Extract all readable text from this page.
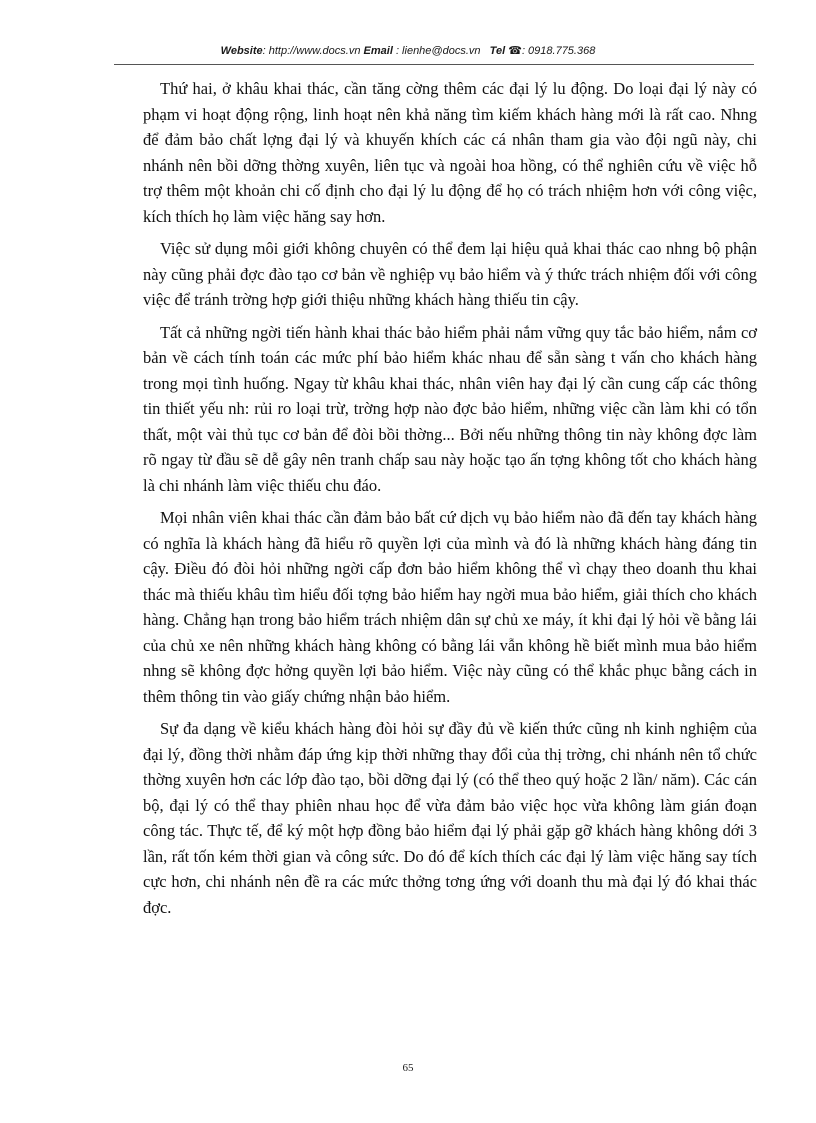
Website: http://www.docs.vn Email : lienhe@docs.vn Tel ☎: 0918.775.368

Thứ hai, ở khâu khai thác, cần tăng cờng thêm các đại lý lu động. Do loại đại lý này có phạm vi hoạt động rộng, linh hoạt nên khả năng tìm kiếm khách hàng mới là rất cao. Nhng để đảm bảo chất lợng đại lý và khuyến khích các cá nhân tham gia vào đội ngũ này, chi nhánh nên bồi dỡng thờng xuyên, liên tục và ngoài hoa hồng, có thể nghiên cứu về việc hỗ trợ thêm một khoản chi cố định cho đại lý lu động để họ có trách nhiệm hơn với công việc, kích thích họ làm việc hăng say hơn.

Việc sử dụng môi giới không chuyên có thể đem lại hiệu quả khai thác cao nhng bộ phận này cũng phải đợc đào tạo cơ bản về nghiệp vụ bảo hiểm và ý thức trách nhiệm đối với công việc để tránh trờng hợp giới thiệu những khách hàng thiếu tin cậy.

Tất cả những ngời tiến hành khai thác bảo hiểm phải nắm vững quy tắc bảo hiểm, nắm cơ bản về cách tính toán các mức phí bảo hiểm khác nhau để sẵn sàng t vấn cho khách hàng trong mọi tình huống. Ngay từ khâu khai thác, nhân viên hay đại lý cần cung cấp các thông tin thiết yếu nh: rủi ro loại trừ, trờng hợp nào đợc bảo hiểm, những việc cần làm khi có tổn thất, một vài thủ tục cơ bản để đòi bồi thờng... Bởi nếu những thông tin này không đợc làm rõ ngay từ đầu sẽ dễ gây nên tranh chấp sau này hoặc tạo ấn tợng không tốt cho khách hàng là chi nhánh làm việc thiếu chu đáo.

Mọi nhân viên khai thác cần đảm bảo bất cứ dịch vụ bảo hiểm nào đã đến tay khách hàng có nghĩa là khách hàng đã hiểu rõ quyền lợi của mình và đó là những khách hàng đáng tin cậy. Điều đó đòi hỏi những ngời cấp đơn bảo hiểm không thể vì chạy theo doanh thu khai thác mà thiếu khâu tìm hiểu đối tợng bảo hiểm hay ngời mua bảo hiểm, giải thích cho khách hàng. Chẳng hạn trong bảo hiểm trách nhiệm dân sự chủ xe máy, ít khi đại lý hỏi về bằng lái của chủ xe nên những khách hàng không có bằng lái vẫn không hề biết mình mua bảo hiểm nhng sẽ không đợc hởng quyền lợi bảo hiểm. Việc này cũng có thể khắc phục bằng cách in thêm thông tin vào giấy chứng nhận bảo hiểm.

Sự đa dạng về kiểu khách hàng đòi hỏi sự đầy đủ về kiến thức cũng nh kinh nghiệm của đại lý, đồng thời nhằm đáp ứng kịp thời những thay đổi của thị trờng, chi nhánh nên tổ chức thờng xuyên hơn các lớp đào tạo, bồi dỡng đại lý (có thể theo quý hoặc 2 lần/ năm). Các cán bộ, đại lý có thể thay phiên nhau học để vừa đảm bảo việc học vừa không làm gián đoạn công tác. Thực tế, để ký một hợp đồng bảo hiểm đại lý phải gặp gỡ khách hàng không dới 3 lần, rất tốn kém thời gian và công sức. Do đó để kích thích các đại lý làm việc hăng say tích cực hơn, chi nhánh nên đề ra các mức thởng tơng ứng với doanh thu mà đại lý đó khai thác đợc.

65
